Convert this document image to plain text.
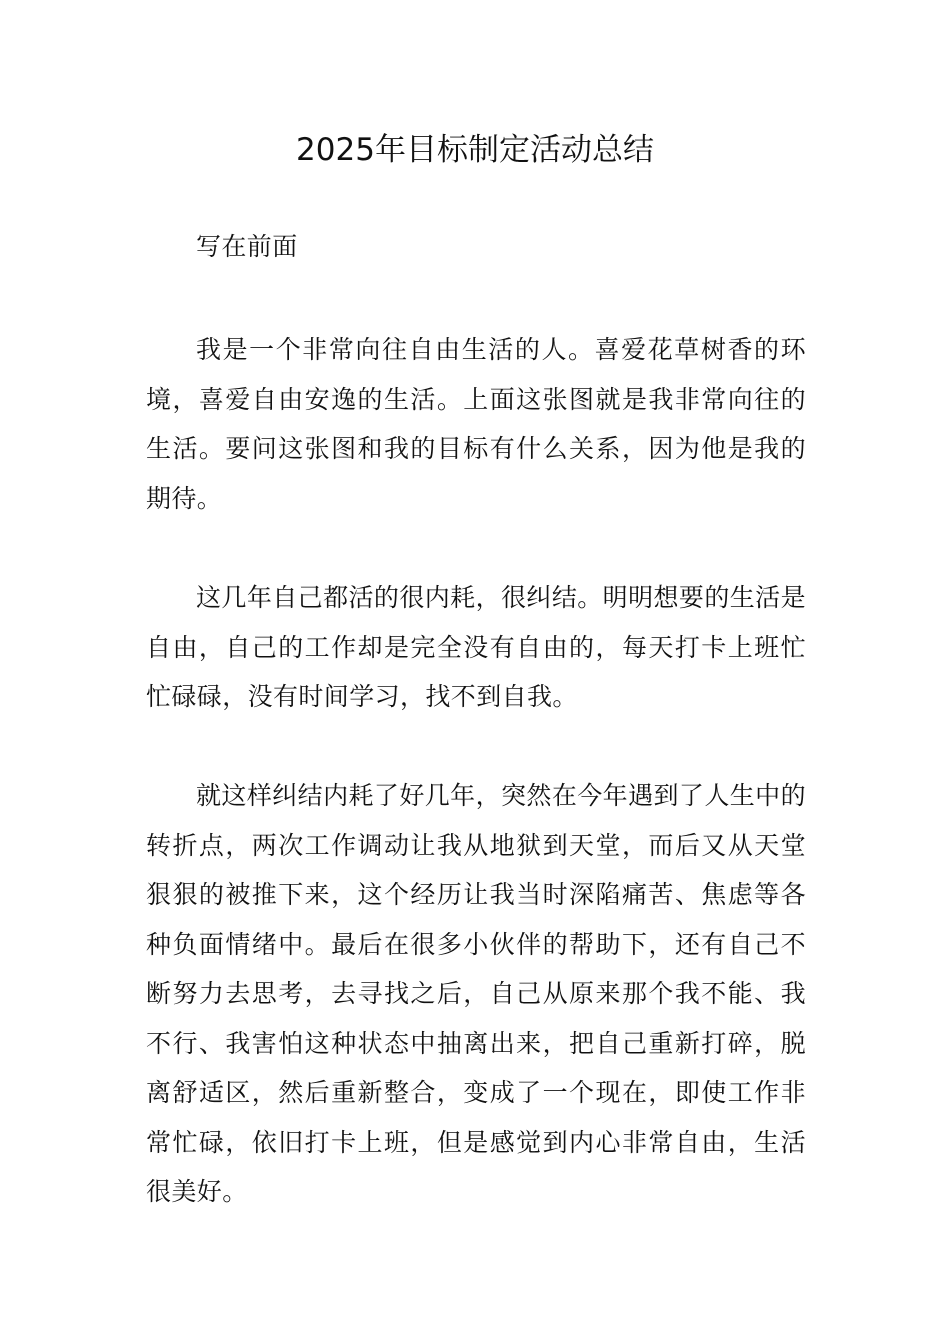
2025年目标制定活动总结

写在前面

我是一个非常向往自由生活的人。喜爱花草树香的环境，喜爱自由安逸的生活。上面这张图就是我非常向往的生活。要问这张图和我的目标有什么关系，因为他是我的期待。

这几年自己都活的很内耗，很纠结。明明想要的生活是自由，自己的工作却是完全没有自由的，每天打卡上班忙忙碌碌，没有时间学习，找不到自我。

就这样纠结内耗了好几年，突然在今年遇到了人生中的转折点，两次工作调动让我从地狱到天堂，而后又从天堂狠狠的被推下来，这个经历让我当时深陷痛苦、焦虑等各种负面情绪中。最后在很多小伙伴的帮助下，还有自己不断努力去思考，去寻找之后，自己从原来那个我不能、我不行、我害怕这种状态中抽离出来，把自己重新打碎，脱离舒适区，然后重新整合，变成了一个现在，即使工作非常忙碌，依旧打卡上班，但是感觉到内心非常自由，生活很美好。
